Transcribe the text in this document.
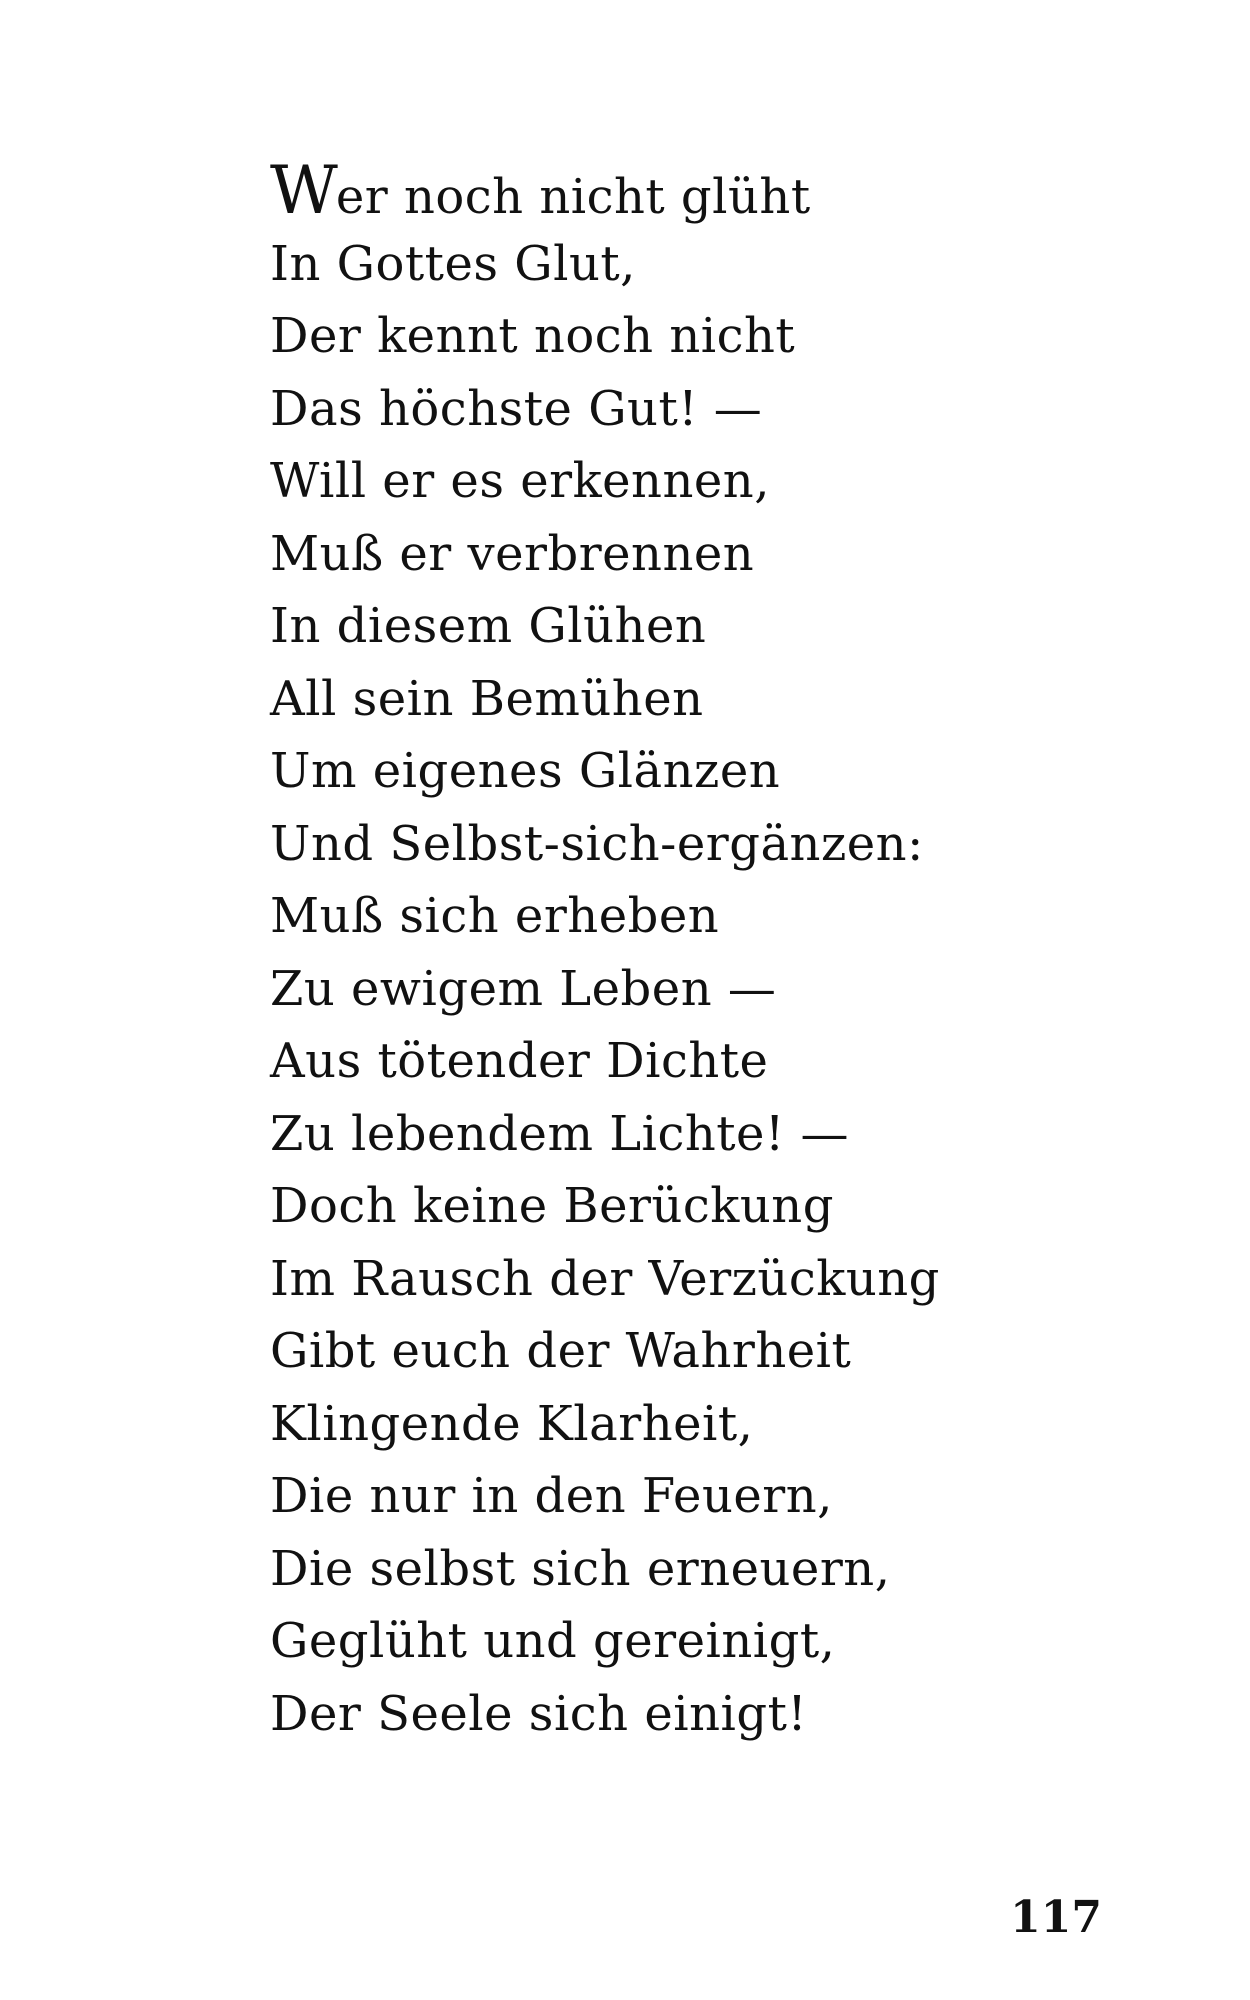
Wer noch nicht glüht
In Gottes Glut,
Der kennt noch nicht
Das höchste Gut! —
Will er es erkennen,
Muß er verbrennen
In diesem Glühen
All sein Bemühen
Um eigenes Glänzen
Und Selbst-sich-ergänzen:
Muß sich erheben
Zu ewigem Leben —
Aus tötender Dichte
Zu lebendem Lichte! —
Doch keine Berückung
Im Rausch der Verzückung
Gibt euch der Wahrheit
Klingende Klarheit,
Die nur in den Feuern,
Die selbst sich erneuern,
Geglüht und gereinigt,
Der Seele sich einigt!
117
